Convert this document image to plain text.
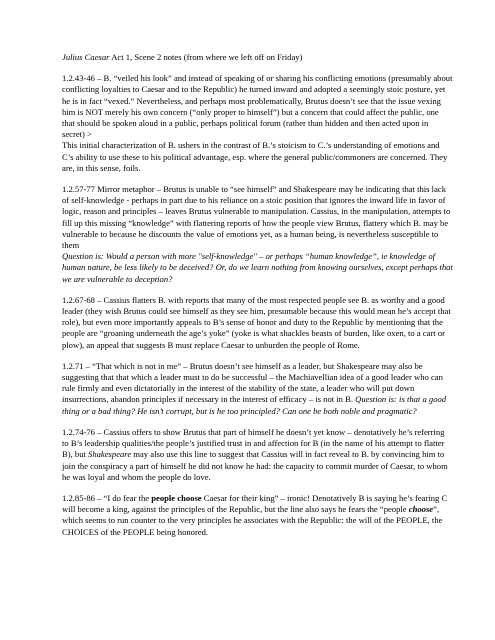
Julius Caesar Act 1, Scene 2 notes (from where we left off on Friday)

1.2.43-46 – B. “veiled his look” and instead of speaking of or sharing his conflicting emotions (presumably about conflicting loyalties to Caesar and to the Republic) he turned inward and adopted a seemingly stoic posture, yet he is in fact “vexed.” Nevertheless, and perhaps most problematically, Brutus doesn’t see that the issue vexing him is NOT merely his own concern (“only proper to himself”) but a concern that could affect the public, one that should be spoken aloud in a public, perhaps political forum (rather than hidden and then acted upon in secret) >

This initial characterization of B. ushers in the contrast of B.’s stoicism to C.’s understanding of emotions and C’s ability to use these to his political advantage, esp. where the general public/commoners are concerned. They are, in this sense, foils.

1.2.57-77 Mirror metaphor – Brutus is unable to “see himself” and Shakespeare may be indicating that this lack of self-knowledge - perhaps in part due to his reliance on a stoic position that ignores the inward life in favor of logic, reason and principles – leaves Brutus vulnerable to manipulation. Cassius, in the manipulation, attempts to fill up this missing “knowledge” with flattering reports of how the people view Brutus, flattery which B. may be vulnerable to because he discounts the value of emotions yet, as a human being, is nevertheless susceptible to them

Question is: Would a person with more "self-knowledge" – or perhaps “human knowledge”, ie knowledge of human nature, be less likely to be deceived? Or, do we learn nothing from knowing ourselves, except perhaps that we are vulnerable to deception?

1.2.67-68 – Cassius flatters B. with reports that many of the most respected people see B. as worthy and a good leader (they wish Brutus could see himself as they see him, presumable because this would mean he’s accept that role), but even more importantly appeals to B’s sense of honor and duty to the Republic by mentioning that the people are “groaning underneath the age’s yoke” (yoke is what shackles beasts of burden, like oxen, to a cart or plow), an appeal that suggests B must replace Caesar to unburden the people of Rome.

1.2.71 – “That which is not in me” – Brutus doesn’t see himself as a leader, but Shakespeare may also be suggesting that that which a leader must to do be successful – the Machiavellian idea of a good leader who can rule firmly and even dictatorially in the interest of the stability of the state, a leader who will put down insurrections, abandon principles if necessary in the interest of efficacy – is not in B. Question is: is that a good thing or a bad thing? He isn’t corrupt, but is he too principled? Can one be both noble and pragmatic?

1.2.74-76 – Cassius offers to show Brutus that part of himself he doesn’t yet know – denotatively he’s referring to B’s leadership qualities/the people’s justified trust in and affection for B (in the name of his attempt to flatter B), but Shakespeare may also use this line to suggest that Cassius will in fact reveal to B. by convincing him to join the conspiracy a part of himself he did not know he had: the capacity to commit murder of Caesar, to whom he was loyal and whom the people do love.

1.2.85-86 – “I do fear the people choose Caesar for their king” – ironic! Denotatively B is saying he’s fearing C will become a king, against the principles of the Republic, but the line also says he fears the “people choose”, which seems to run counter to the very principles he associates with the Republic: the will of the PEOPLE, the CHOICES of the PEOPLE being honored.
